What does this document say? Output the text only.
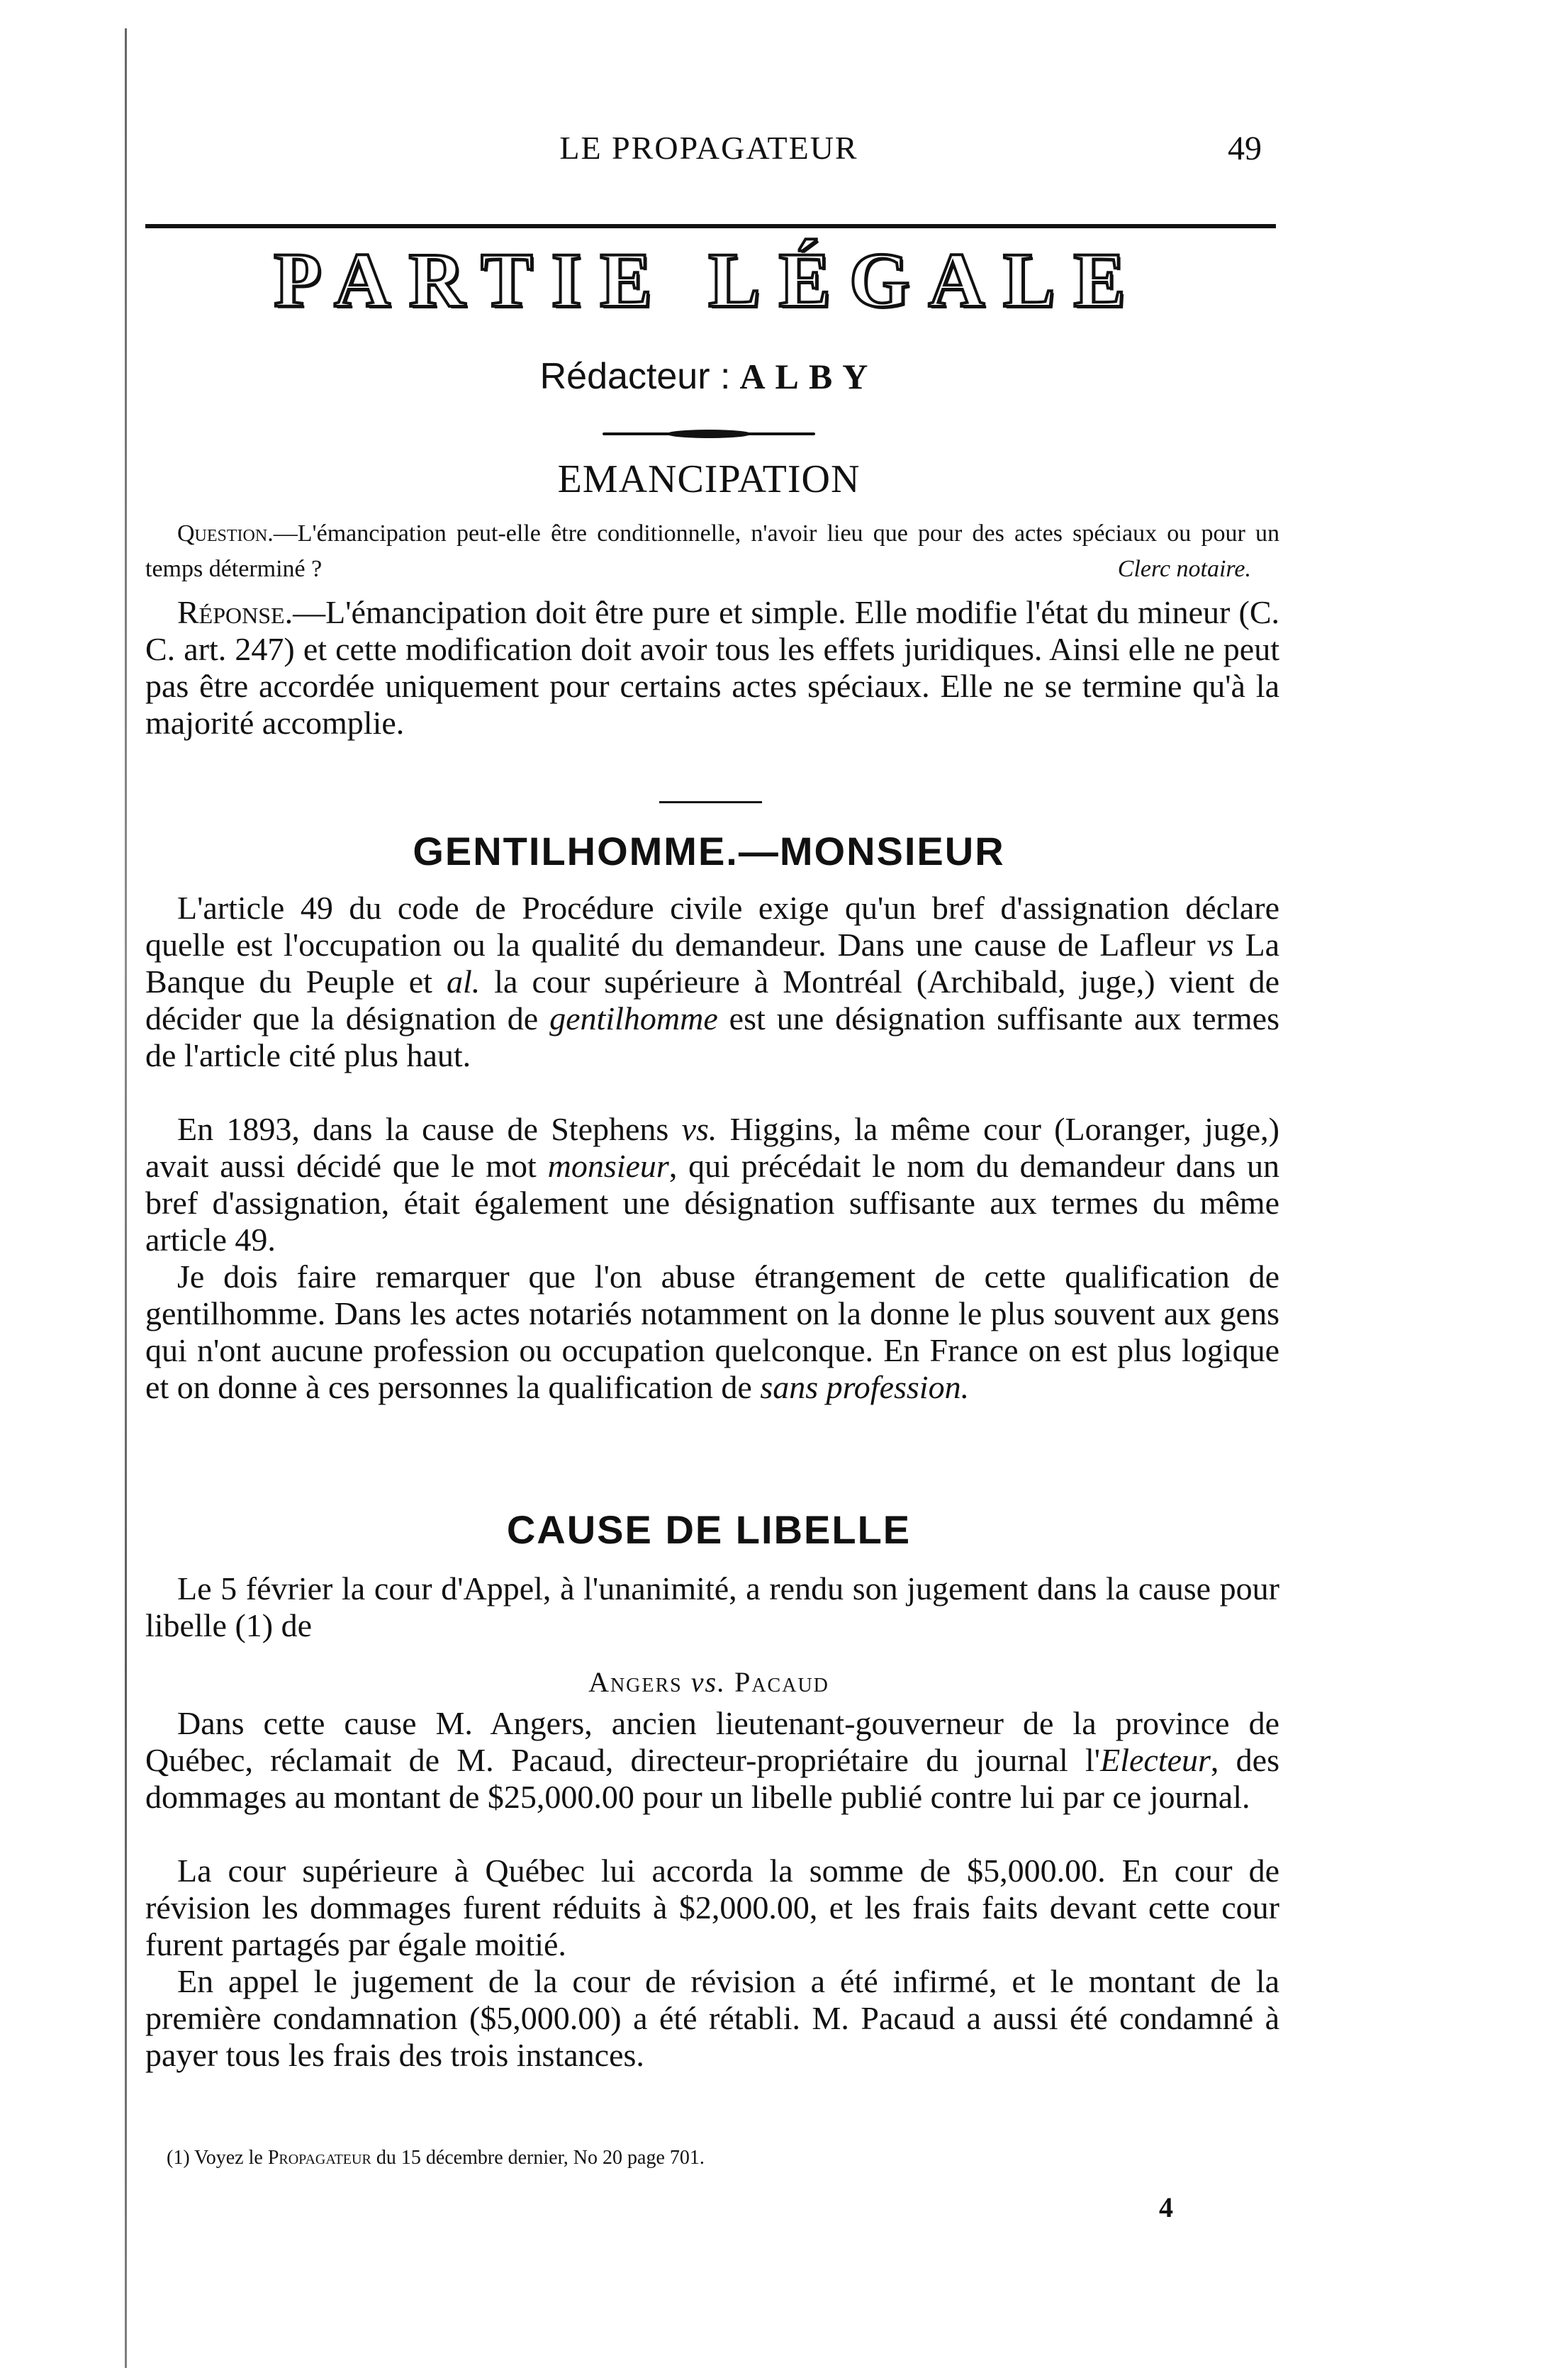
LE PROPAGATEUR	49
PARTIE LÉGALE
Rédacteur : ALBY
EMANCIPATION

Question.—L'émancipation peut-elle être conditionnelle, n'avoir lieu que pour des actes spéciaux ou pour un temps déterminé ?	Clerc notaire.

Réponse.—L'émancipation doit être pure et simple. Elle modifie l'état du mineur (C. C. art. 247) et cette modification doit avoir tous les effets juridiques. Ainsi elle ne peut pas être accordée uniquement pour certains actes spéciaux. Elle ne se termine qu'à la majorité accomplie.

GENTILHOMME.—MONSIEUR

L'article 49 du code de Procédure civile exige qu'un bref d'assignation déclare quelle est l'occupation ou la qualité du demandeur. Dans une cause de Lafleur vs La Banque du Peuple et al. la cour supérieure à Montréal (Archibald, juge,) vient de décider que la désignation de gentilhomme est une désignation suffisante aux termes de l'article cité plus haut.

En 1893, dans la cause de Stephens vs. Higgins, la même cour (Loranger, juge,) avait aussi décidé que le mot monsieur, qui précédait le nom du demandeur dans un bref d'assignation, était également une désignation suffisante aux termes du même article 49.

Je dois faire remarquer que l'on abuse étrangement de cette qualification de gentilhomme. Dans les actes notariés notamment on la donne le plus souvent aux gens qui n'ont aucune profession ou occupation quelconque. En France on est plus logique et on donne à ces personnes la qualification de sans profession.

CAUSE DE LIBELLE

Le 5 février la cour d'Appel, à l'unanimité, a rendu son jugement dans la cause pour libelle (1) de

Angers vs. Pacaud

Dans cette cause M. Angers, ancien lieutenant-gouverneur de la province de Québec, réclamait de M. Pacaud, directeur-propriétaire du journal l'Electeur, des dommages au montant de $25,000.00 pour un libelle publié contre lui par ce journal.

La cour supérieure à Québec lui accorda la somme de $5,000.00. En cour de révision les dommages furent réduits à $2,000.00, et les frais faits devant cette cour furent partagés par égale moitié.

En appel le jugement de la cour de révision a été infirmé, et le montant de la première condamnation ($5,000.00) a été rétabli. M. Pacaud a aussi été condamné à payer tous les frais des trois instances.

(1) Voyez le Propagateur du 15 décembre dernier, No 20 page 701.
4
